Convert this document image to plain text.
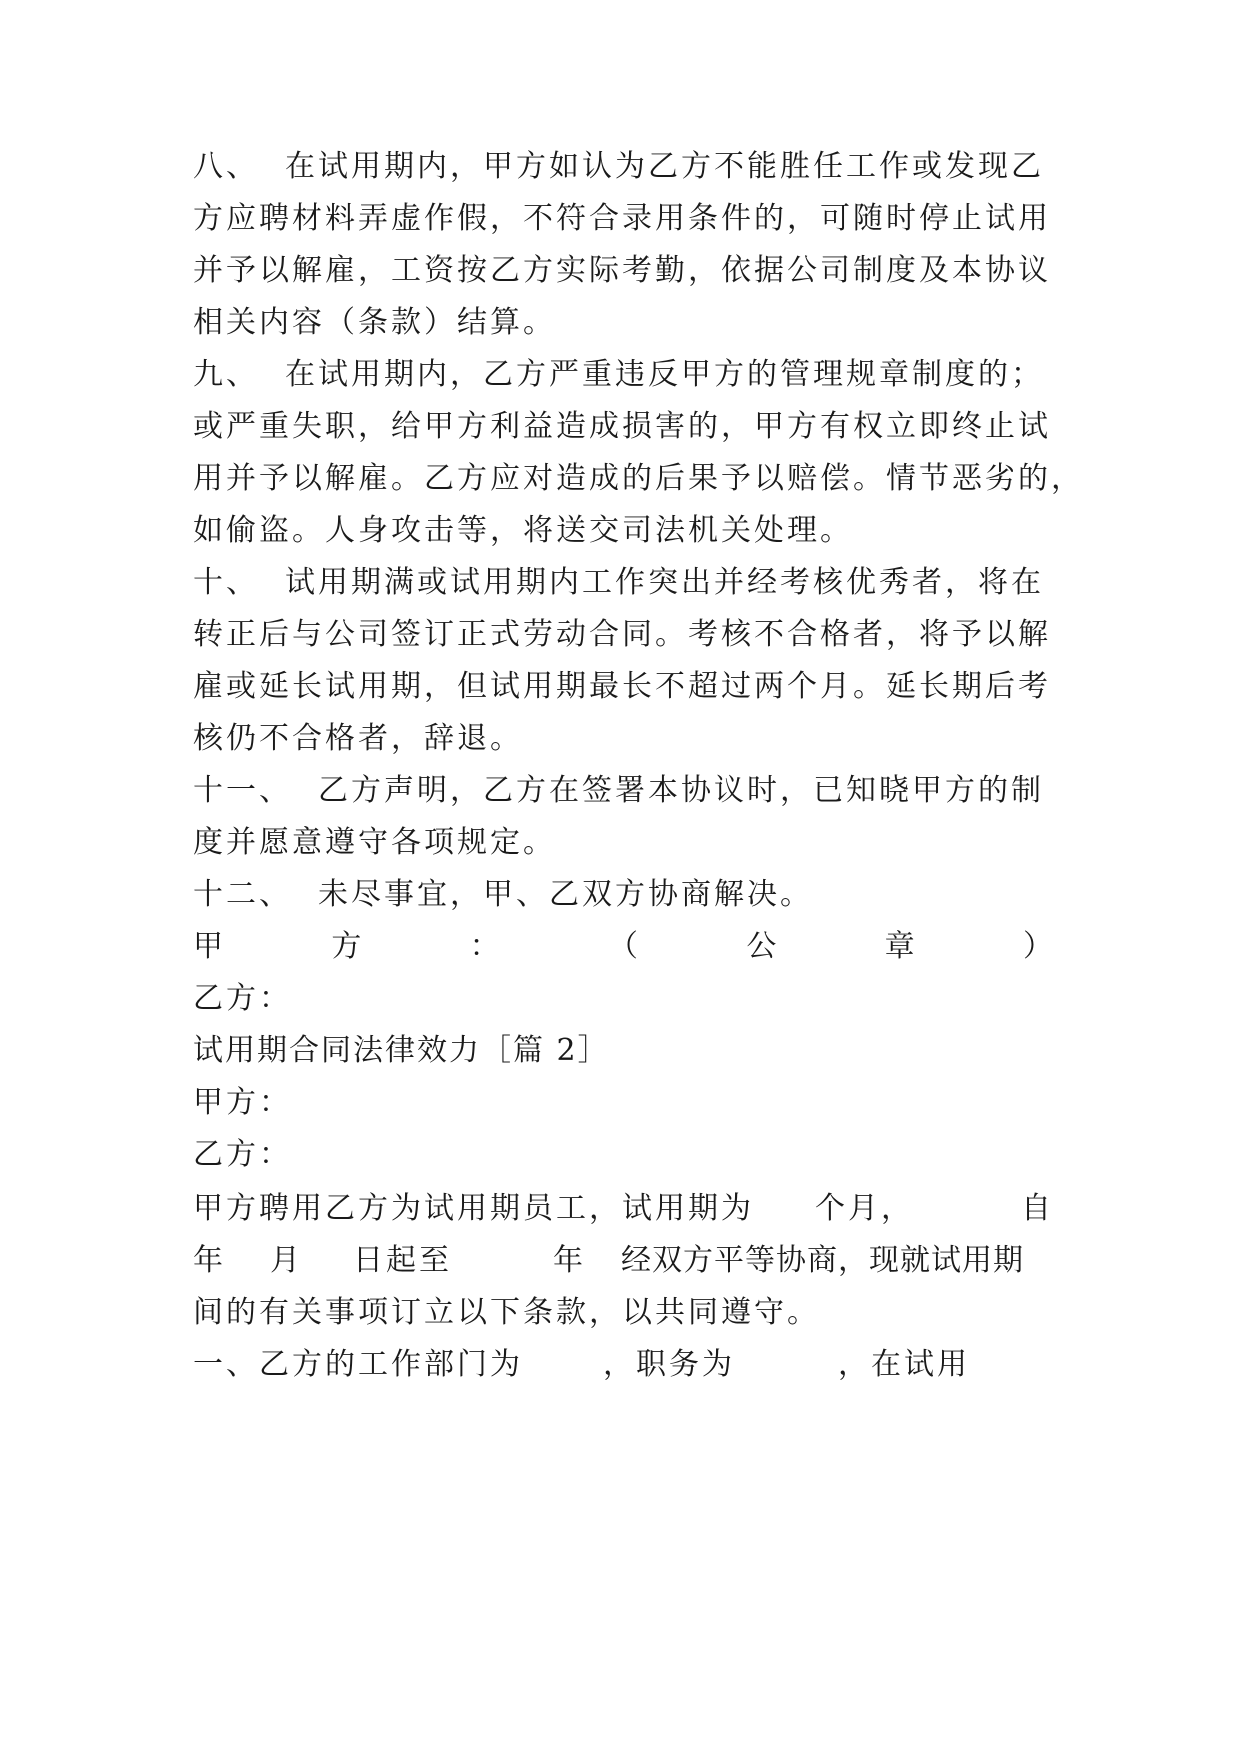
八、 在试用期内，甲方如认为乙方不能胜任工作或发现乙
方应聘材料弄虚作假，不符合录用条件的，可随时停止试用
并予以解雇，工资按乙方实际考勤，依据公司制度及本协议
相关内容（条款）结算。
九、 在试用期内，乙方严重违反甲方的管理规章制度的；
或严重失职，给甲方利益造成损害的，甲方有权立即终止试
用并予以解雇。乙方应对造成的后果予以赔偿。情节恶劣的，
如偷盗。人身攻击等，将送交司法机关处理。
十、 试用期满或试用期内工作突出并经考核优秀者，将在
转正后与公司签订正式劳动合同。考核不合格者，将予以解
雇或延长试用期，但试用期最长不超过两个月。延长期后考
核仍不合格者，辞退。
十一、 乙方声明，乙方在签署本协议时，已知晓甲方的制
度并愿意遵守各项规定。
十二、 未尽事宜，甲、乙双方协商解决。
甲	方	：	（	公	章	）
乙方：
试用期合同法律效力［篇 2］
甲方：
乙方：
甲方聘用乙方为试用期员工，试用期为 个月，	自
年 月 日起至	年 经双方平等协商，现就试用期
间的有关事项订立以下条款，以共同遵守。
一、乙方的工作部门为	，职务为	，在试用
